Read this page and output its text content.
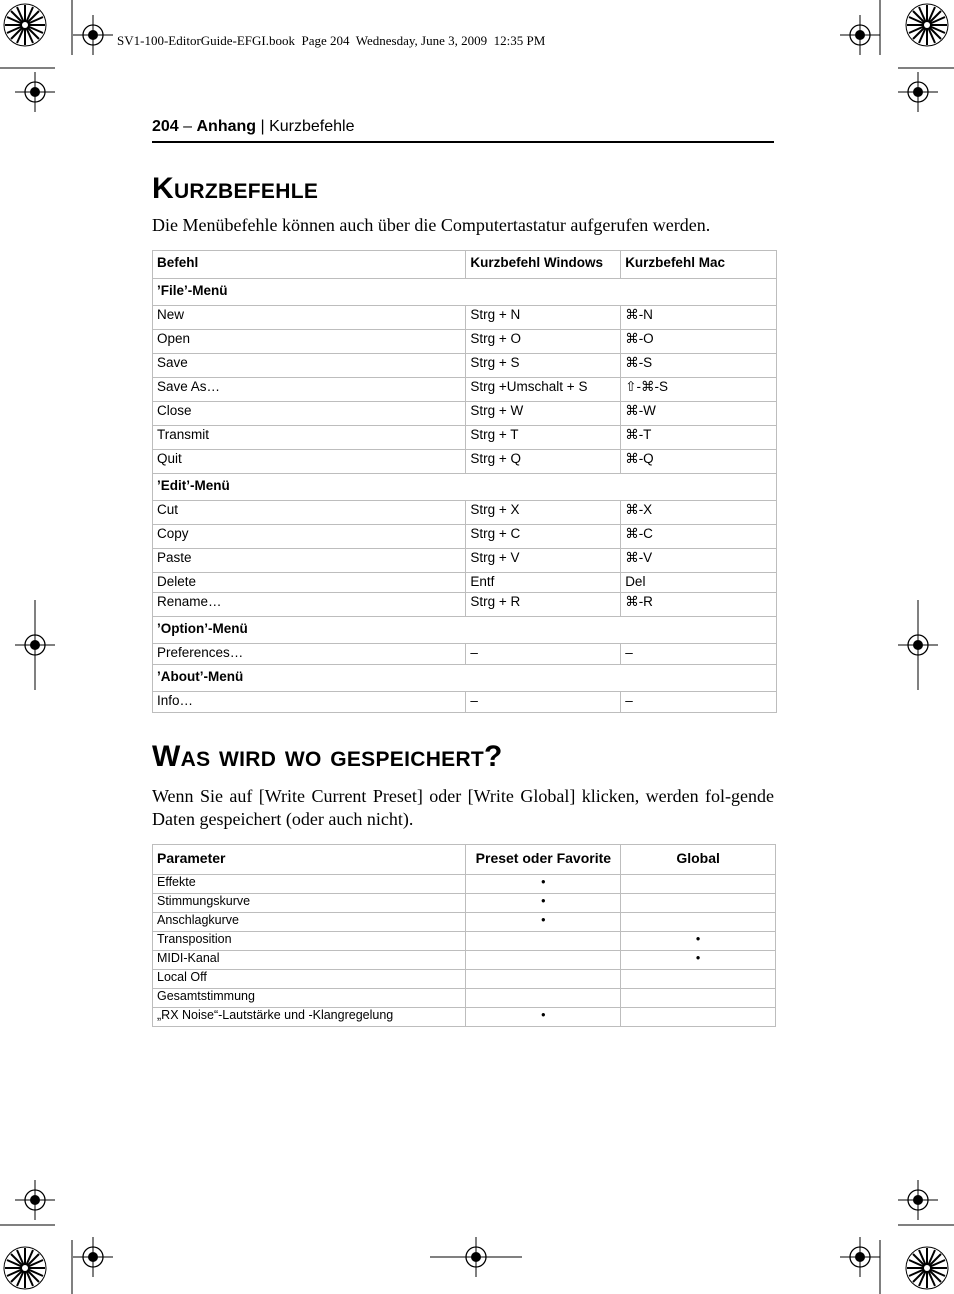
SV1-100-EditorGuide-EFGI.book  Page 204  Wednesday, June 3, 2009  12:35 PM
204 – Anhang | Kurzbefehle
Kurzbefehle

Die Menübefehle können auch über die Computertastatur aufgerufen werden.

Befehl	Kurzbefehl Windows	Kurzbefehl Mac
’File’-Menü		
New	Strg + N	⌘-N
Open	Strg + O	⌘-O
Save	Strg + S	⌘-S
Save As…	Strg +Umschalt + S	⇧-⌘-S
Close	Strg + W	⌘-W
Transmit	Strg + T	⌘-T
Quit	Strg + Q	⌘-Q
’Edit’-Menü		
Cut	Strg + X	⌘-X
Copy	Strg + C	⌘-C
Paste	Strg + V	⌘-V
Delete	Entf	Del
Rename…	Strg + R	⌘-R
’Option’-Menü		
Preferences…	–	–
’About’-Menü		
Info…	–	–
Was wird wo gespeichert?

Wenn Sie auf [Write Current Preset] oder [Write Global] klicken, werden fol-gende Daten gespeichert (oder auch nicht).

Parameter	Preset oder Favorite	Global
Effekte	•	
Stimmungskurve	•	
Anschlagkurve	•	
Transposition		•
MIDI-Kanal		•
Local Off		
Gesamtstimmung		
„RX Noise“-Lautstärke und -Klangregelung	•	
